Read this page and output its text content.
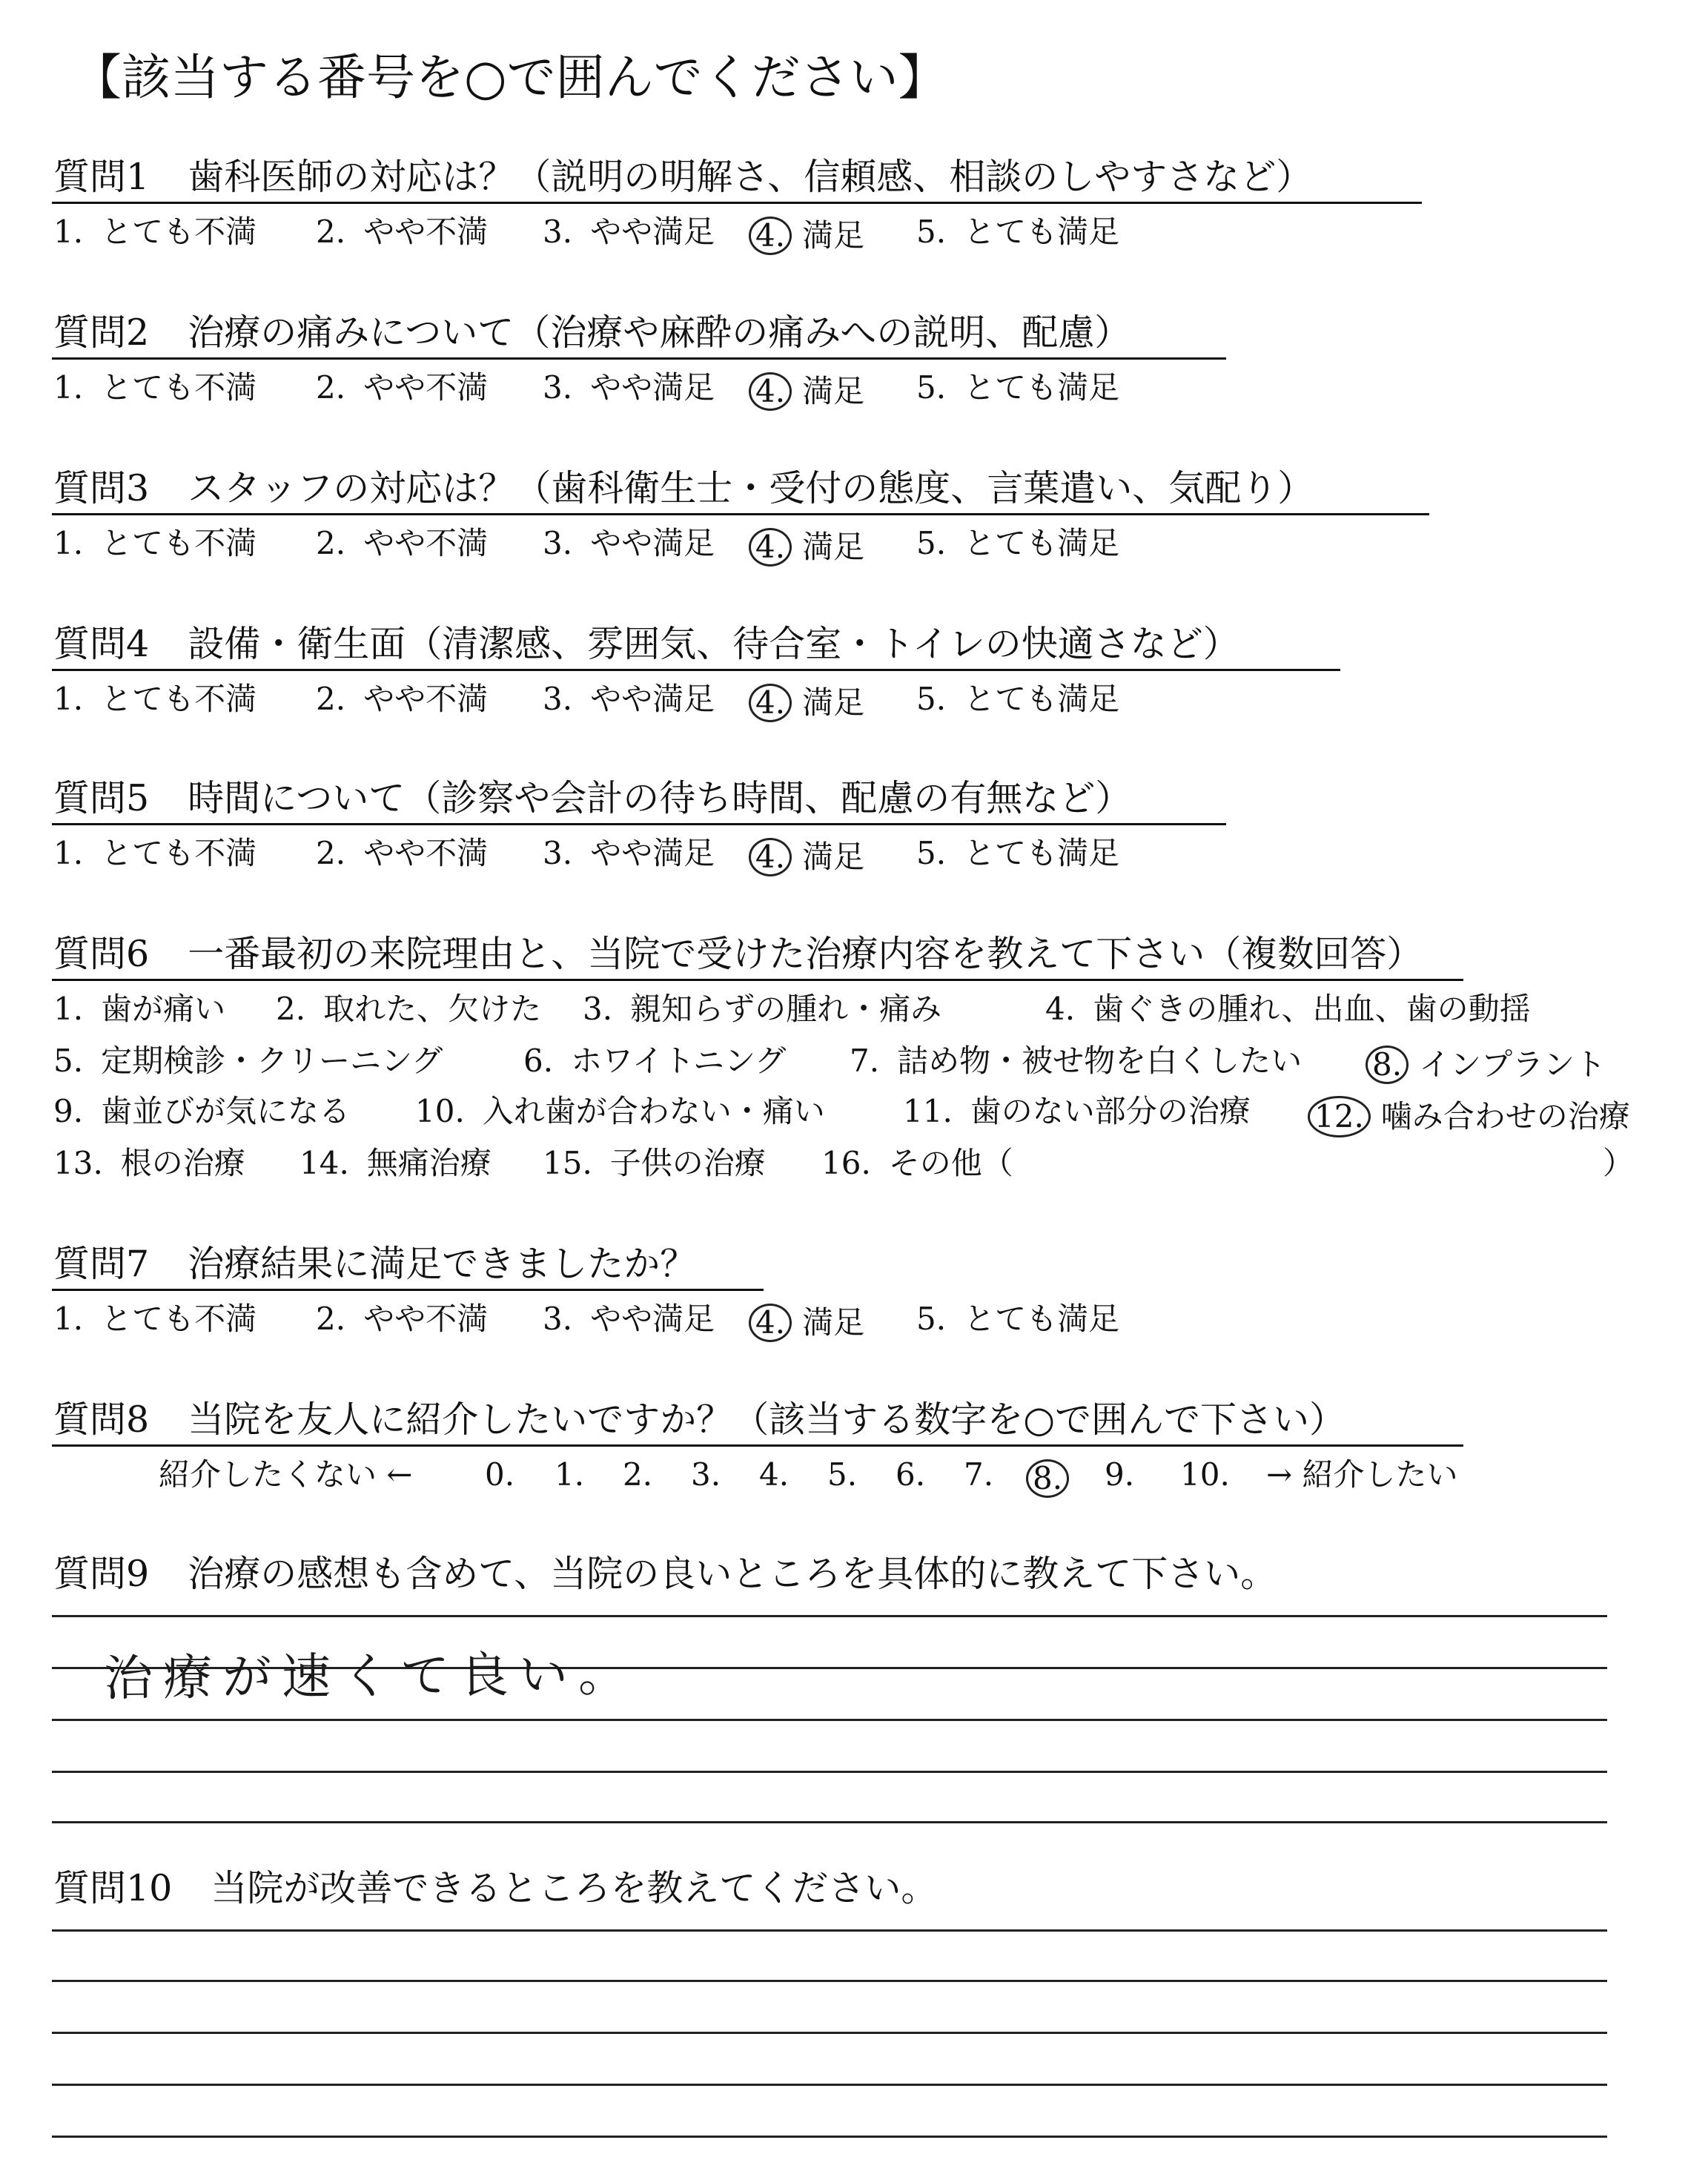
【該当する番号を○で囲んでください】
質問1 歯科医師の対応は？（説明の明解さ、信頼感、相談のしやすさなど）
1. とても不満 2. やや不満 3. やや満足 4. 満足 5. とても満足
質問2 治療の痛みについて（治療や麻酔の痛みへの説明、配慮）
1. とても不満 2. やや不満 3. やや満足 4. 満足 5. とても満足
質問3 スタッフの対応は？（歯科衛生士・受付の態度、言葉遣い、気配り）
1. とても不満 2. やや不満 3. やや満足 4. 満足 5. とても満足
質問4 設備・衛生面（清潔感、雰囲気、待合室・トイレの快適さなど）
1. とても不満 2. やや不満 3. やや満足 4. 満足 5. とても満足
質問5 時間について（診察や会計の待ち時間、配慮の有無など）
1. とても不満 2. やや不満 3. やや満足 4. 満足 5. とても満足
質問6 一番最初の来院理由と、当院で受けた治療内容を教えて下さい（複数回答）
1. 歯が痛い 2. 取れた、欠けた 3. 親知らずの腫れ・痛み	4. 歯ぐきの腫れ、出血、歯の動揺
5. 定期検診・クリーニング	6. ホワイトニング 7. 詰め物・被せ物を白くしたい 8. インプラント
9. 歯並びが気になる 10. 入れ歯が合わない・痛い	11. 歯のない部分の治療 12. 噛み合わせの治療
13. 根の治療 14. 無痛治療 15. 子供の治療 16. その他（	）
質問7 治療結果に満足できましたか？
1. とても不満 2. やや不満 3. やや満足 4. 満足 5. とても満足
質問8 当院を友人に紹介したいですか？（該当する数字を○で囲んで下さい）
紹介したくない ← 0. 1. 2. 3. 4. 5. 6. 7. 8.	9. 10. → 紹介したい
質問9 治療の感想も含めて、当院の良いところを具体的に教えて下さい。
治療が速くて良い。
質問10 当院が改善できるところを教えてください。
